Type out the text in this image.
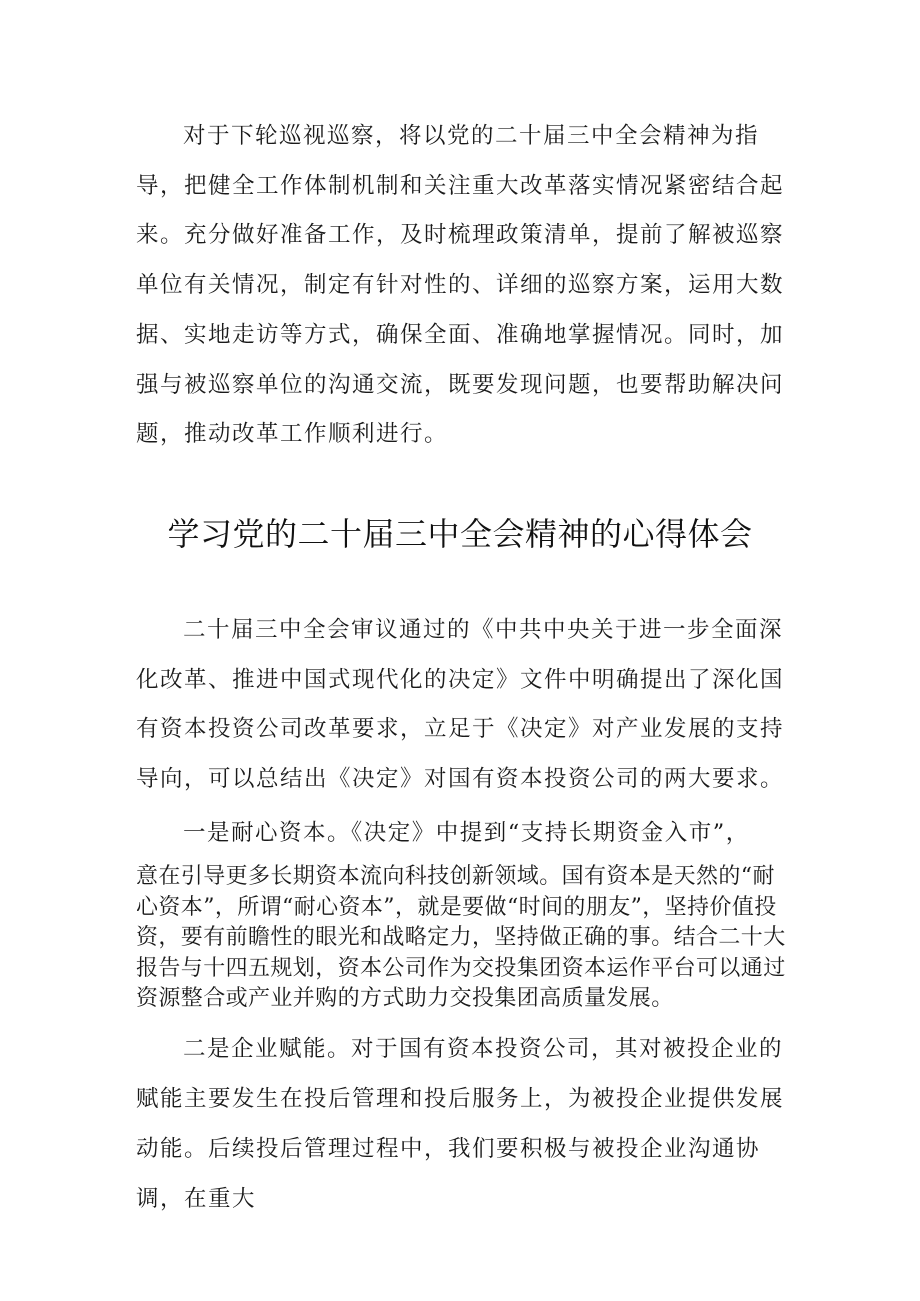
对于下轮巡视巡察，将以党的二十届三中全会精神为指导，把健全工作体制机制和关注重大改革落实情况紧密结合起来。充分做好准备工作，及时梳理政策清单，提前了解被巡察单位有关情况，制定有针对性的、详细的巡察方案，运用大数据、实地走访等方式，确保全面、准确地掌握情况。同时，加强与被巡察单位的沟通交流，既要发现问题，也要帮助解决问题，推动改革工作顺利进行。

学习党的二十届三中全会精神的心得体会

二十届三中全会审议通过的《中共中央关于进一步全面深化改革、推进中国式现代化的决定》文件中明确提出了深化国有资本投资公司改革要求，立足于《决定》对产业发展的支持导向，可以总结出《决定》对国有资本投资公司的两大要求。

一是耐心资本。《决定》中提到“支持长期资金入市”，

意在引导更多长期资本流向科技创新领域。国有资本是天然的“耐心资本”，所谓“耐心资本”，就是要做“时间的朋友”，坚持价值投资，要有前瞻性的眼光和战略定力，坚持做正确的事。结合二十大报告与十四五规划，资本公司作为交投集团资本运作平台可以通过资源整合或产业并购的方式助力交投集团高质量发展。

二是企业赋能。对于国有资本投资公司，其对被投企业的赋能主要发生在投后管理和投后服务上，为被投企业提供发展动能。后续投后管理过程中，我们要积极与被投企业沟通协调，在重大
